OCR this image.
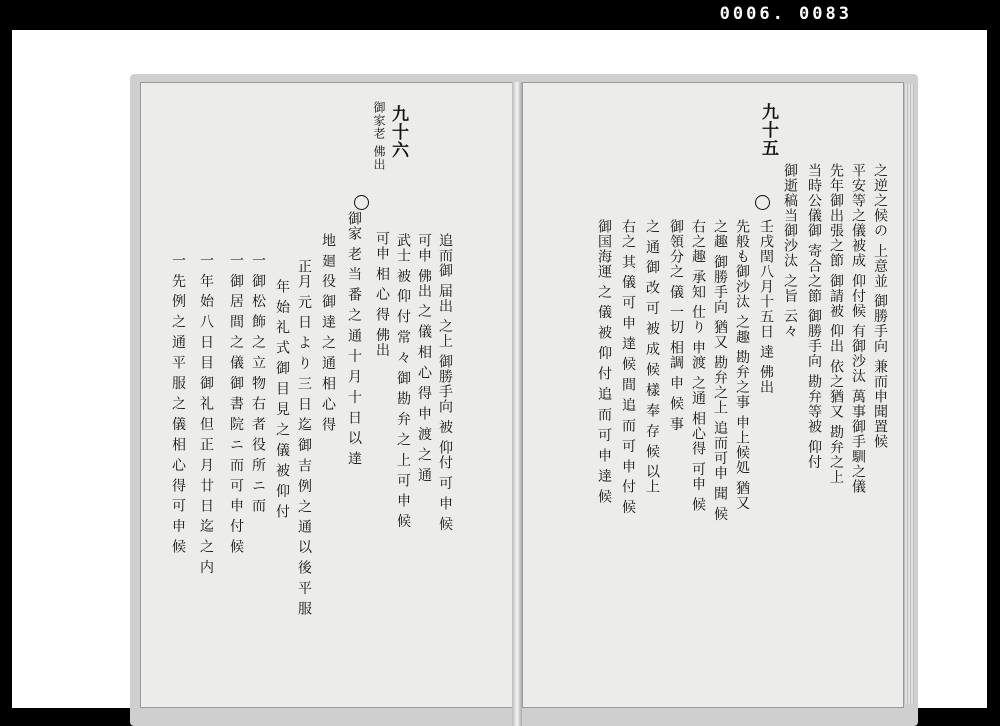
0006. 0083
御家老 佛出 九十六
追而御 届出 之上 御勝手向 被 仰付 可 申 候
可申 佛出 之 儀 相 心 得 申 渡 之 通
武士 被 仰 付 常 々 御 勘 弁 之 上 可 申 候
可申 相 心 得 佛出
御家 老 当 番 之 通 十 月 十 日 以 達
地 廻 役 御 達 之 通 相 心 得
正月 元 日 よ り 三 日 迄 御 吉 例 之 通 以 後 平 服
年 始 礼 式 御 目 見 之 儀 被 仰 付
一 御 松 飾 之 立 物 右 者 役 所 ニ 而
一 御 居 間 之 儀 御 書 院 ニ 而 可 申 付 候
一 年 始 八 日 目 御 礼 但 正 月 廿 日 迄 之 内
一 先 例 之 通 平 服 之 儀 相 心 得 可 申 候	之逆之候の 上意並 御勝手向 兼而申聞置候
平安等之儀被成 仰付候 有御沙汰 萬事御手馴之儀
先年御出張之節 御請被 仰出 依之猶又 勘弁之上
当時公儀御 寄合之節 御勝手向 勘弁等被 仰付
御逝稿当御沙汰 之旨 云々
九十五
壬戌閏八月十五日 達 佛出
先般も御沙汰 之趣 勘弁之事 申上候処 猶又
之趣 御勝手向 猶又 勘弁之上 追而可申 聞 候
右之趣 承知 仕り 申渡 之通 相心得 可申 候
御領分之 儀 一切 相調 申 候 事
之 通 御 改 可 被 成 候 樣 奉 存 候 以上
右之 其 儀 可 申 達 候 間 追 而 可 申 付 候
御国海運 之 儀 被 仰 付 追 而 可 申 達 候
